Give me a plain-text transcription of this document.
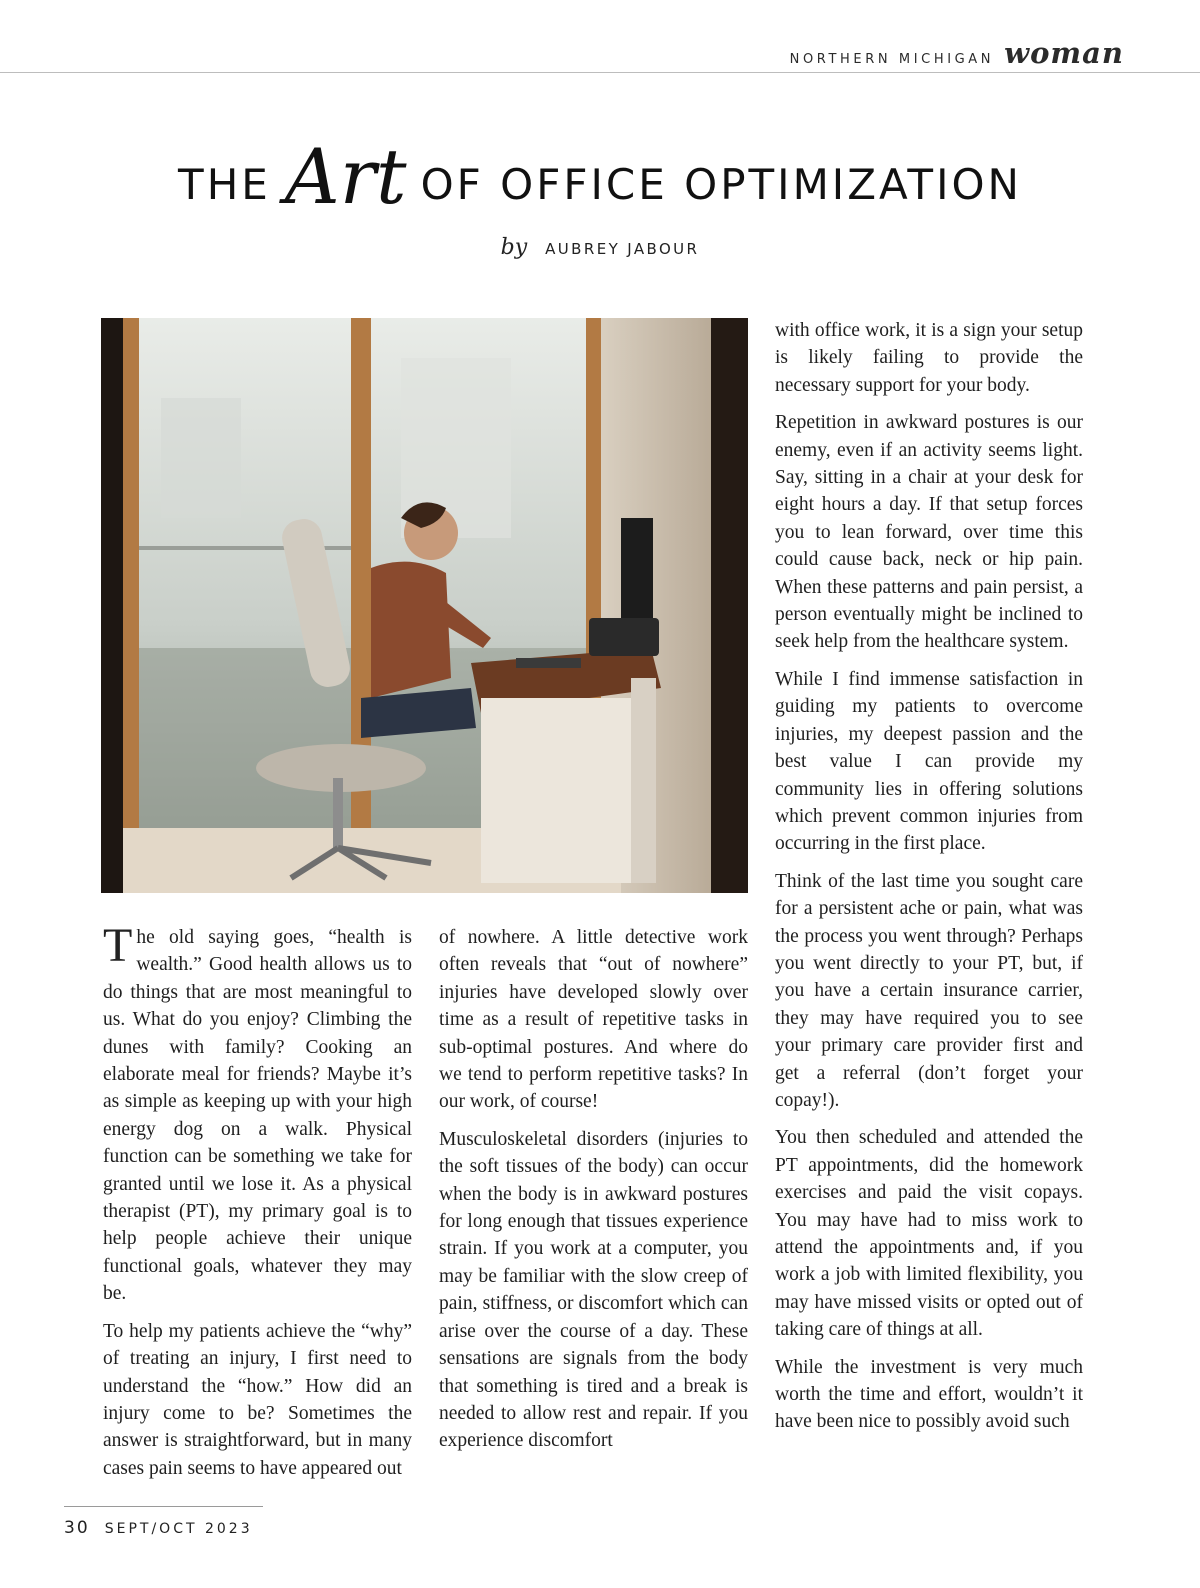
NORTHERN MICHIGAN woman
THE Art OF OFFICE OPTIMIZATION
by AUBREY JABOUR

The old saying goes, “health is wealth.” Good health allows us to do things that are most meaningful to us. What do you enjoy? Climbing the dunes with family? Cooking an elaborate meal for friends? Maybe it’s as simple as keeping up with your high energy dog on a walk. Physical function can be something we take for granted until we lose it. As a physical therapist (PT), my primary goal is to help people achieve their unique functional goals, whatever they may be.

To help my patients achieve the “why” of treating an injury, I first need to understand the “how.” How did an injury come to be? Sometimes the answer is straightforward, but in many cases pain seems to have appeared out

of nowhere. A little detective work often reveals that “out of nowhere” injuries have developed slowly over time as a result of repetitive tasks in sub-optimal postures. And where do we tend to perform repetitive tasks? In our work, of course!

Musculoskeletal disorders (injuries to the soft tissues of the body) can occur when the body is in awkward postures for long enough that tissues experience strain. If you work at a computer, you may be familiar with the slow creep of pain, stiffness, or discomfort which can arise over the course of a day. These sensations are signals from the body that something is tired and a break is needed to allow rest and repair. If you experience discomfort

with office work, it is a sign your setup is likely failing to provide the necessary support for your body.

Repetition in awkward postures is our enemy, even if an activity seems light. Say, sitting in a chair at your desk for eight hours a day. If that setup forces you to lean forward, over time this could cause back, neck or hip pain. When these patterns and pain persist, a person eventually might be inclined to seek help from the healthcare system.

While I find immense satisfaction in guiding my patients to overcome injuries, my deepest passion and the best value I can provide my community lies in offering solutions which prevent common injuries from occurring in the first place.

Think of the last time you sought care for a persistent ache or pain, what was the process you went through? Perhaps you went directly to your PT, but, if you have a certain insurance carrier, they may have required you to see your primary care provider first and get a referral (don’t forget your copay!).

You then scheduled and attended the PT appointments, did the homework exercises and paid the visit copays. You may have had to miss work to attend the appointments and, if you work a job with limited flexibility, you may have missed visits or opted out of taking care of things at all.

While the investment is very much worth the time and effort, wouldn’t it have been nice to possibly avoid such

30 SEPT/OCT 2023
